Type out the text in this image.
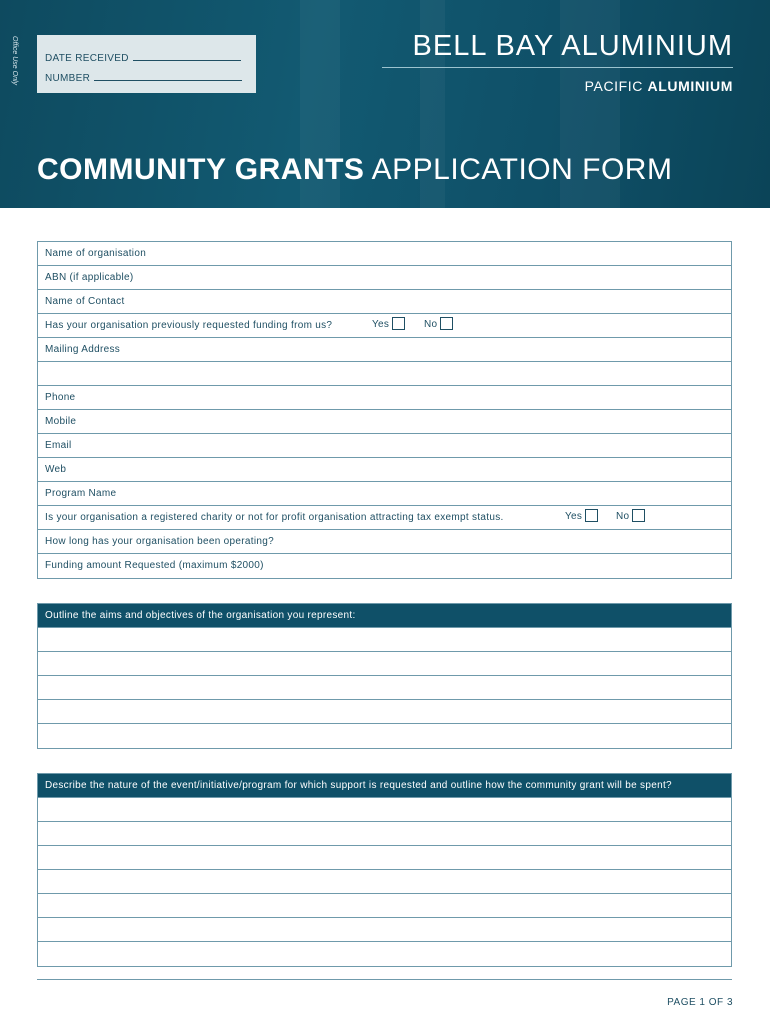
Office Use Only	DATE RECEIVED
NUMBER
BELL BAY ALUMINIUM
PACIFIC ALUMINIUM
COMMUNITY GRANTS APPLICATION FORM
Name of organisation
ABN (if applicable)
Name of Contact
Has your organisation previously requested funding from us?	Yes	No
Mailing Address
Phone
Mobile
Email
Web
Program Name
Is your organisation a registered charity or not for profit organisation attracting tax exempt status.	Yes	No
How long has your organisation been operating?
Funding amount Requested (maximum $2000)
Outline the aims and objectives of the organisation you represent:
Describe the nature of the event/initiative/program for which support is requested and outline how the community grant will be spent?
PAGE 1 OF 3
